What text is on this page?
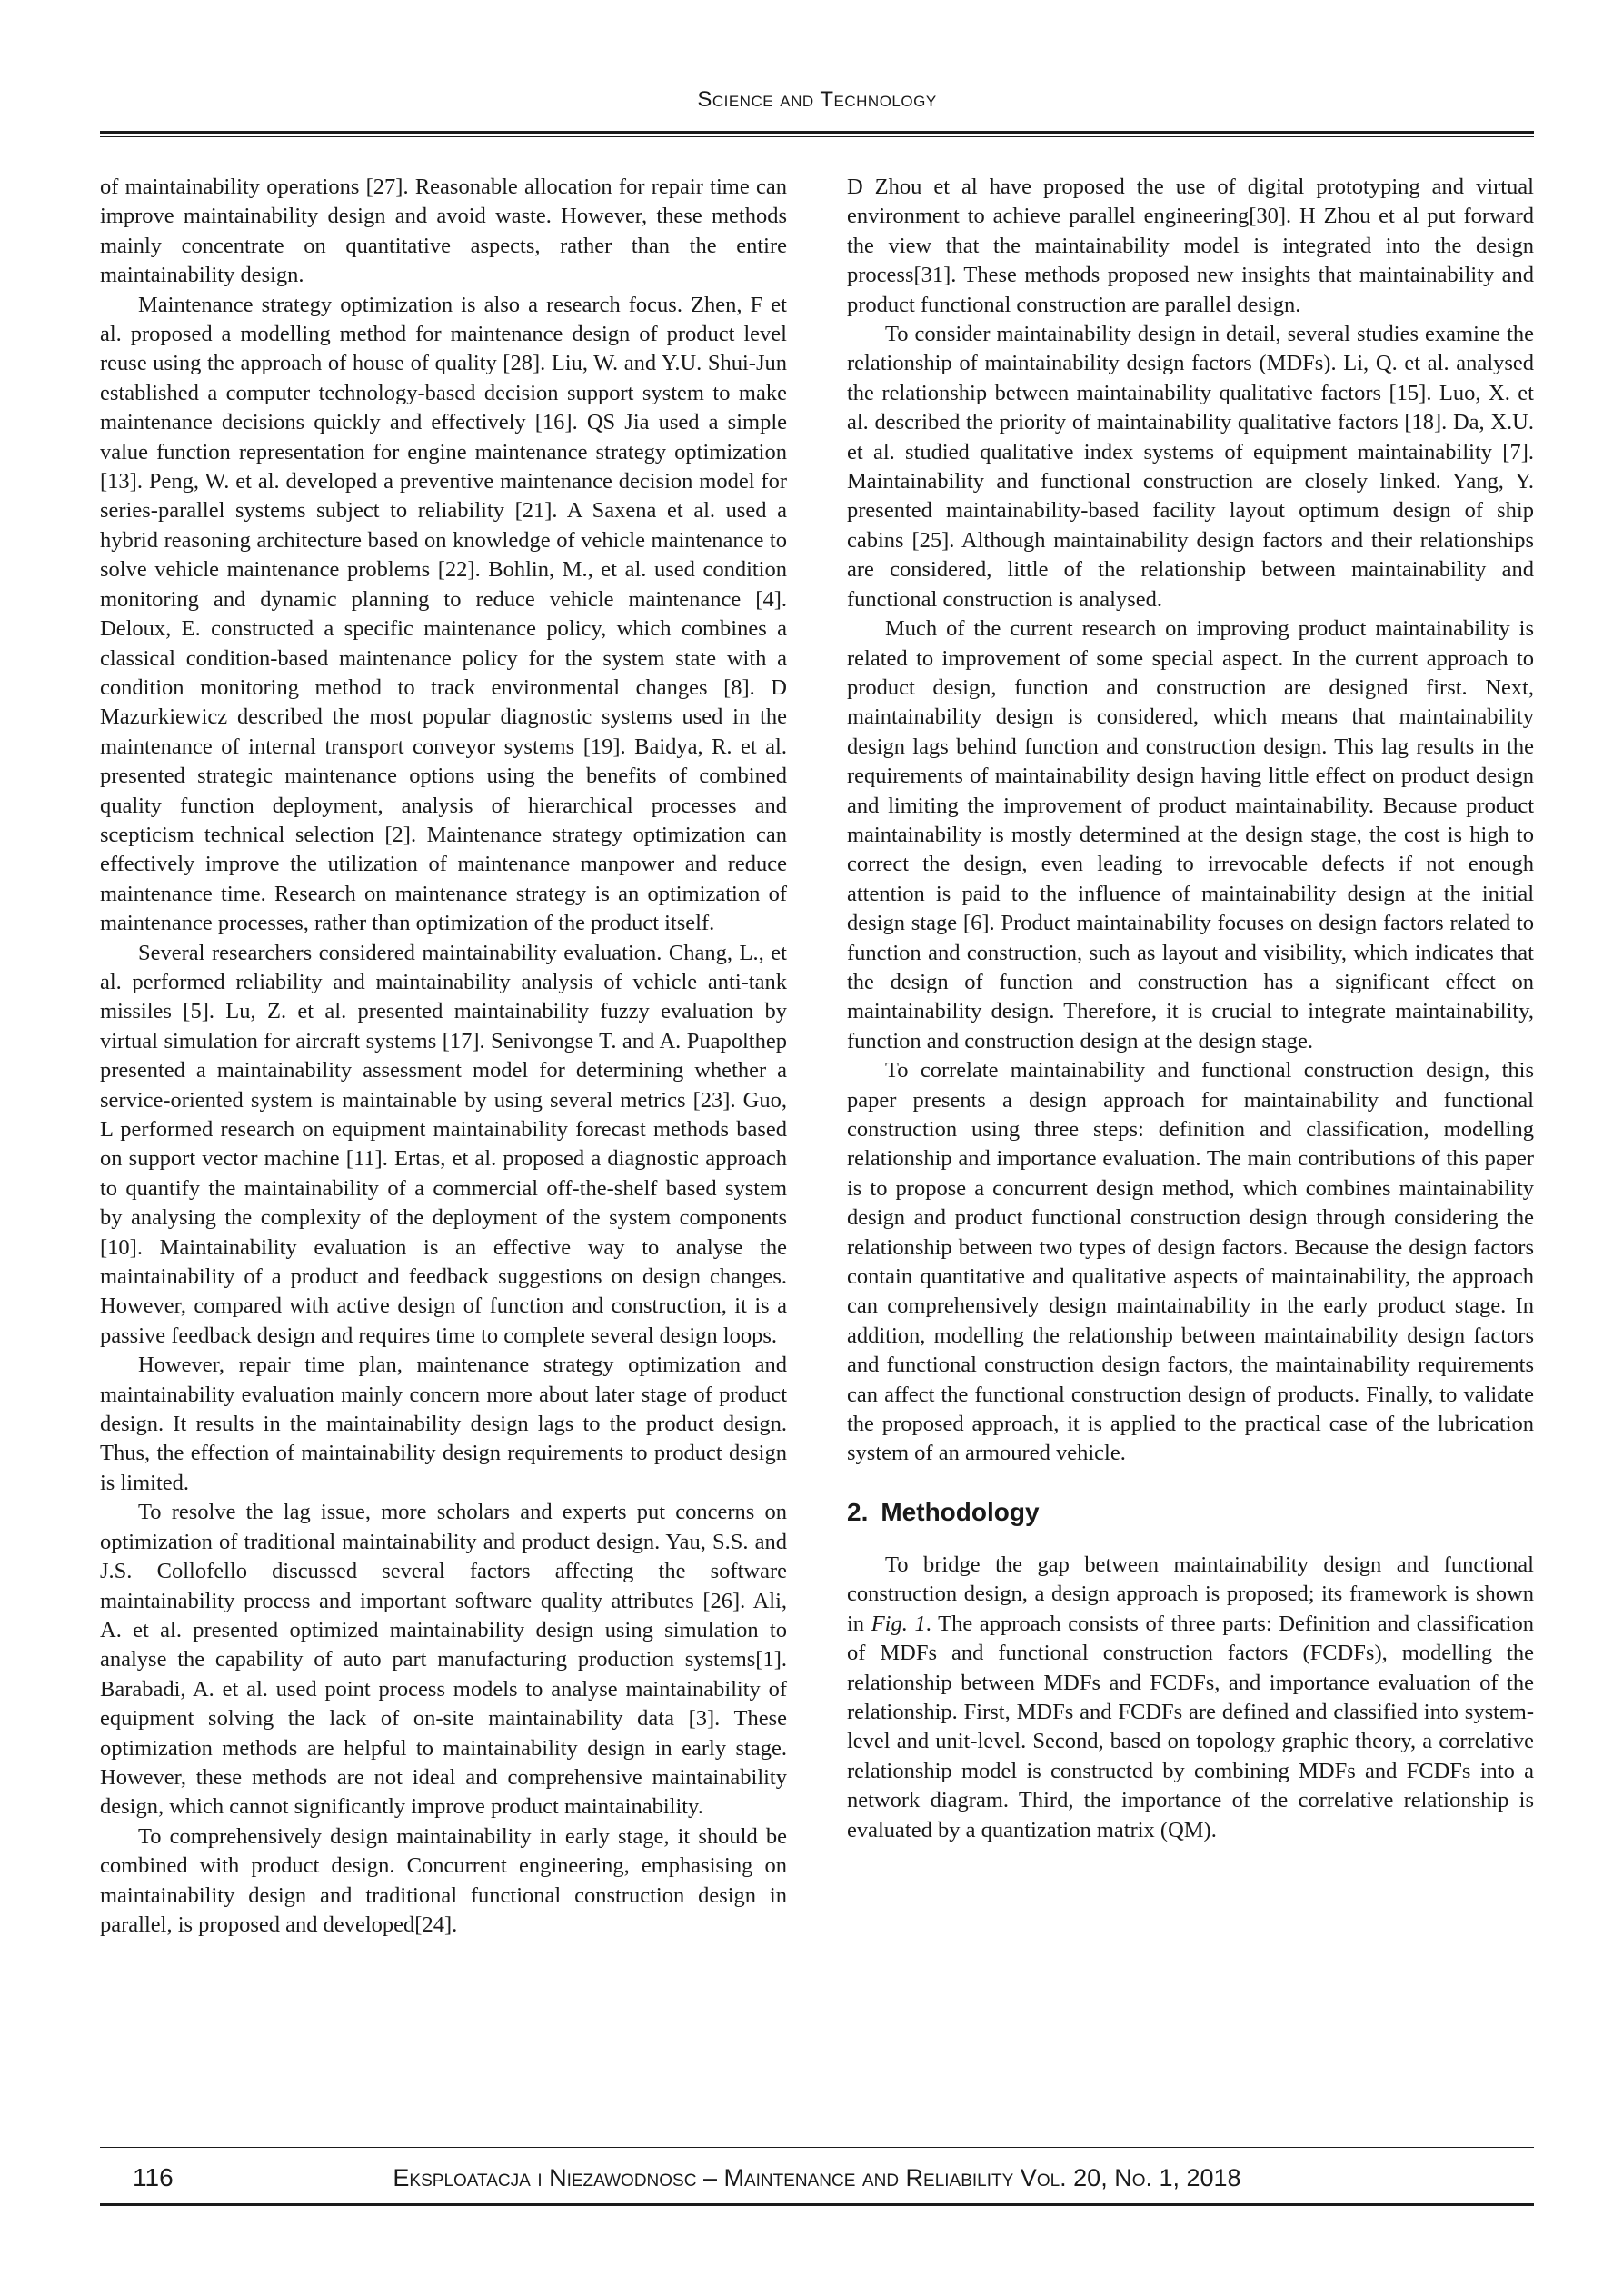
Science and Technology

of maintainability operations [27]. Reasonable allocation for repair time can improve maintainability design and avoid waste. However, these methods mainly concentrate on quantitative aspects, rather than the entire maintainability design.

Maintenance strategy optimization is also a research focus. Zhen, F et al. proposed a modelling method for maintenance design of product level reuse using the approach of house of quality [28]. Liu, W. and Y.U. Shui-Jun established a computer technology-based decision support system to make maintenance decisions quickly and effectively [16]. QS Jia used a simple value function representation for engine maintenance strategy optimization [13]. Peng, W. et al. developed a preventive maintenance decision model for series-parallel systems subject to reliability [21]. A Saxena et al. used a hybrid reasoning architecture based on knowledge of vehicle maintenance to solve vehicle maintenance problems [22]. Bohlin, M., et al. used condition monitoring and dynamic planning to reduce vehicle maintenance [4]. Deloux, E. constructed a specific maintenance policy, which combines a classical condition-based maintenance policy for the system state with a condition monitoring method to track environmental changes [8]. D Mazurkiewicz described the most popular diagnostic systems used in the maintenance of internal transport conveyor systems [19]. Baidya, R. et al. presented strategic maintenance options using the benefits of combined quality function deployment, analysis of hierarchical processes and scepticism technical selection [2]. Maintenance strategy optimization can effectively improve the utilization of maintenance manpower and reduce maintenance time. Research on maintenance strategy is an optimization of maintenance processes, rather than optimization of the product itself.

Several researchers considered maintainability evaluation. Chang, L., et al. performed reliability and maintainability analysis of vehicle anti-tank missiles [5]. Lu, Z. et al. presented maintainability fuzzy evaluation by virtual simulation for aircraft systems [17]. Senivongse T. and A. Puapolthep presented a maintainability assessment model for determining whether a service-oriented system is maintainable by using several metrics [23]. Guo, L performed research on equipment maintainability forecast methods based on support vector machine [11]. Ertas, et al. proposed a diagnostic approach to quantify the maintainability of a commercial off-the-shelf based system by analysing the complexity of the deployment of the system components [10]. Maintainability evaluation is an effective way to analyse the maintainability of a product and feedback suggestions on design changes. However, compared with active design of function and construction, it is a passive feedback design and requires time to complete several design loops.

However, repair time plan, maintenance strategy optimization and maintainability evaluation mainly concern more about later stage of product design. It results in the maintainability design lags to the product design. Thus, the effection of maintainability design requirements to product design is limited.

To resolve the lag issue, more scholars and experts put concerns on optimization of traditional maintainability and product design. Yau, S.S. and J.S. Collofello discussed several factors affecting the software maintainability process and important software quality attributes [26]. Ali, A. et al. presented optimized maintainability design using simulation to analyse the capability of auto part manufacturing production systems[1]. Barabadi, A. et al. used point process models to analyse maintainability of equipment solving the lack of on-site maintainability data [3]. These optimization methods are helpful to maintainability design in early stage. However, these methods are not ideal and comprehensive maintainability design, which cannot significantly improve product maintainability.

To comprehensively design maintainability in early stage, it should be combined with product design. Concurrent engineering, emphasising on maintainability design and traditional functional construction design in parallel, is proposed and developed[24].

D Zhou et al have proposed the use of digital prototyping and virtual environment to achieve parallel engineering[30]. H Zhou et al put forward the view that the maintainability model is integrated into the design process[31]. These methods proposed new insights that maintainability and product functional construction are parallel design.

To consider maintainability design in detail, several studies examine the relationship of maintainability design factors (MDFs). Li, Q. et al. analysed the relationship between maintainability qualitative factors [15]. Luo, X. et al. described the priority of maintainability qualitative factors [18]. Da, X.U. et al. studied qualitative index systems of equipment maintainability [7]. Maintainability and functional construction are closely linked. Yang, Y. presented maintainability-based facility layout optimum design of ship cabins [25]. Although maintainability design factors and their relationships are considered, little of the relationship between maintainability and functional construction is analysed.

Much of the current research on improving product maintainability is related to improvement of some special aspect. In the current approach to product design, function and construction are designed first. Next, maintainability design is considered, which means that maintainability design lags behind function and construction design. This lag results in the requirements of maintainability design having little effect on product design and limiting the improvement of product maintainability. Because product maintainability is mostly determined at the design stage, the cost is high to correct the design, even leading to irrevocable defects if not enough attention is paid to the influence of maintainability design at the initial design stage [6]. Product maintainability focuses on design factors related to function and construction, such as layout and visibility, which indicates that the design of function and construction has a significant effect on maintainability design. Therefore, it is crucial to integrate maintainability, function and construction design at the design stage.

To correlate maintainability and functional construction design, this paper presents a design approach for maintainability and functional construction using three steps: definition and classification, modelling relationship and importance evaluation. The main contributions of this paper is to propose a concurrent design method, which combines maintainability design and product functional construction design through considering the relationship between two types of design factors. Because the design factors contain quantitative and qualitative aspects of maintainability, the approach can comprehensively design maintainability in the early product stage. In addition, modelling the relationship between maintainability design factors and functional construction design factors, the maintainability requirements can affect the functional construction design of products. Finally, to validate the proposed approach, it is applied to the practical case of the lubrication system of an armoured vehicle.

2. Methodology

To bridge the gap between maintainability design and functional construction design, a design approach is proposed; its framework is shown in Fig. 1. The approach consists of three parts: Definition and classification of MDFs and functional construction factors (FCDFs), modelling the relationship between MDFs and FCDFs, and importance evaluation of the relationship. First, MDFs and FCDFs are defined and classified into system-level and unit-level. Second, based on topology graphic theory, a correlative relationship model is constructed by combining MDFs and FCDFs into a network diagram. Third, the importance of the correlative relationship is evaluated by a quantization matrix (QM).

116	Eksploatacja i Niezawodnosc – Maintenance and Reliability Vol. 20, No. 1, 2018
